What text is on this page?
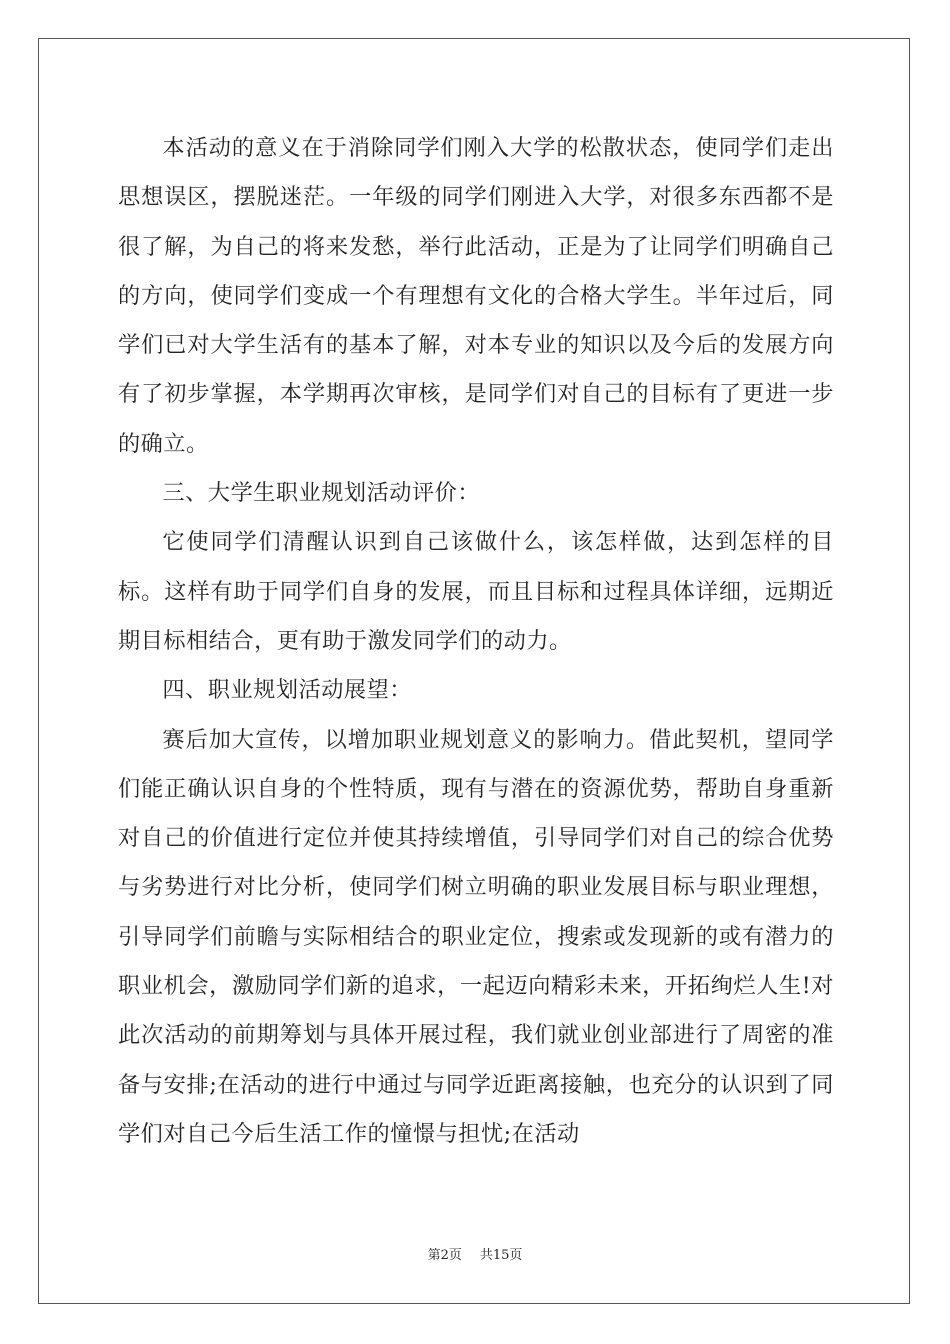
本活动的意义在于消除同学们刚入大学的松散状态，使同学们走出思想误区，摆脱迷茫。一年级的同学们刚进入大学，对很多东西都不是很了解，为自己的将来发愁，举行此活动，正是为了让同学们明确自己的方向，使同学们变成一个有理想有文化的合格大学生。半年过后，同学们已对大学生活有的基本了解，对本专业的知识以及今后的发展方向有了初步掌握，本学期再次审核，是同学们对自己的目标有了更进一步的确立。

三、大学生职业规划活动评价：

它使同学们清醒认识到自己该做什么，该怎样做，达到怎样的目标。这样有助于同学们自身的发展，而且目标和过程具体详细，远期近期目标相结合，更有助于激发同学们的动力。

四、职业规划活动展望：

赛后加大宣传，以增加职业规划意义的影响力。借此契机，望同学们能正确认识自身的个性特质，现有与潜在的资源优势，帮助自身重新对自己的价值进行定位并使其持续增值，引导同学们对自己的综合优势与劣势进行对比分析，使同学们树立明确的职业发展目标与职业理想，引导同学们前瞻与实际相结合的职业定位，搜索或发现新的或有潜力的职业机会，激励同学们新的追求，一起迈向精彩未来，开拓绚烂人生!对此次活动的前期筹划与具体开展过程，我们就业创业部进行了周密的准备与安排;在活动的进行中通过与同学近距离接触，也充分的认识到了同学们对自己今后生活工作的憧憬与担忧;在活动

第2页 共15页
